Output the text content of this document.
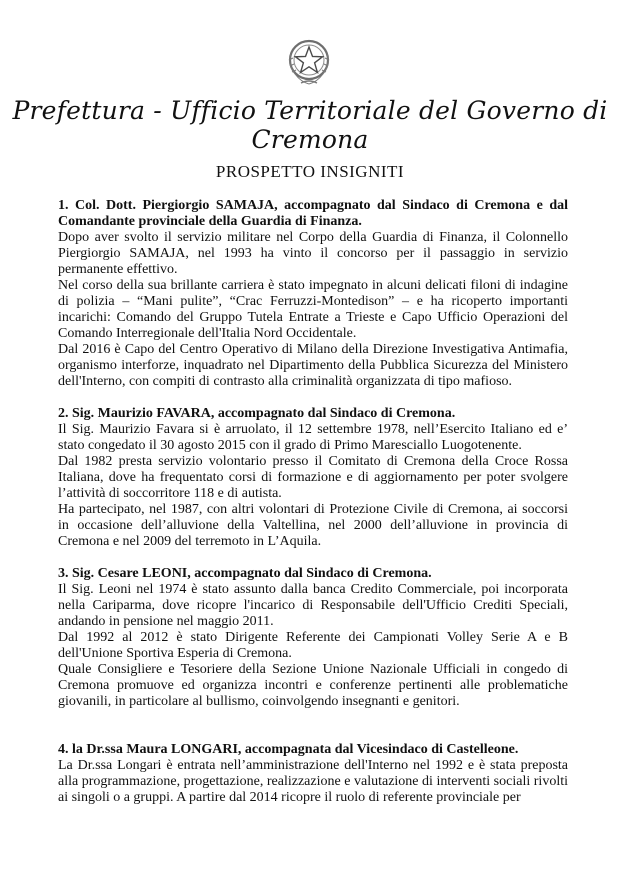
Prefettura - Ufficio Territoriale del Governo di Cremona
PROSPETTO INSIGNITI

1. Col. Dott. Piergiorgio SAMAJA, accompagnato dal Sindaco di Cremona e dal Comandante provinciale della Guardia di Finanza.

Dopo aver svolto il servizio militare nel Corpo della Guardia di Finanza, il Colonnello Piergiorgio SAMAJA, nel 1993 ha vinto il concorso per il passaggio in servizio permanente effettivo.

Nel corso della sua brillante carriera è stato impegnato in alcuni delicati filoni di indagine di polizia – “Mani pulite”, “Crac Ferruzzi-Montedison” – e ha ricoperto importanti incarichi: Comando del Gruppo Tutela Entrate a Trieste e Capo Ufficio Operazioni del Comando Interregionale dell'Italia Nord Occidentale.

Dal 2016 è Capo del Centro Operativo di Milano della Direzione Investigativa Antimafia, organismo interforze, inquadrato nel Dipartimento della Pubblica Sicurezza del Ministero dell'Interno, con compiti di contrasto alla criminalità organizzata di tipo mafioso.

2. Sig. Maurizio FAVARA, accompagnato dal Sindaco di Cremona.

Il Sig. Maurizio Favara si è arruolato, il 12 settembre 1978, nell’Esercito Italiano ed e’ stato congedato il 30 agosto 2015 con il grado di Primo Maresciallo Luogotenente.

Dal 1982 presta servizio volontario presso il Comitato di Cremona della Croce Rossa Italiana, dove ha frequentato corsi di formazione e di aggiornamento per poter svolgere l’attività di soccorritore 118 e di autista.

Ha partecipato, nel 1987, con altri volontari di Protezione Civile di Cremona, ai soccorsi in occasione dell’alluvione della Valtellina, nel 2000 dell’alluvione in provincia di Cremona e nel 2009 del terremoto in L’Aquila.

3. Sig. Cesare LEONI, accompagnato dal Sindaco di Cremona.

Il Sig. Leoni nel 1974 è stato assunto dalla banca Credito Commerciale, poi incorporata nella Cariparma, dove ricopre l'incarico di Responsabile dell'Ufficio Crediti Speciali, andando in pensione nel maggio 2011.

Dal 1992 al 2012 è stato Dirigente Referente dei Campionati Volley Serie A e B dell'Unione Sportiva Esperia di Cremona.

Quale Consigliere e Tesoriere della Sezione Unione Nazionale Ufficiali in congedo di Cremona promuove ed organizza incontri e conferenze pertinenti alle problematiche giovanili, in particolare al bullismo, coinvolgendo insegnanti e genitori.

4. la Dr.ssa Maura LONGARI, accompagnata dal Vicesindaco di Castelleone.

La Dr.ssa Longari è entrata nell’amministrazione dell'Interno nel 1992 e è stata preposta alla programmazione, progettazione, realizzazione e valutazione di interventi sociali rivolti ai singoli o a gruppi. A partire dal 2014 ricopre il ruolo di referente provinciale per
